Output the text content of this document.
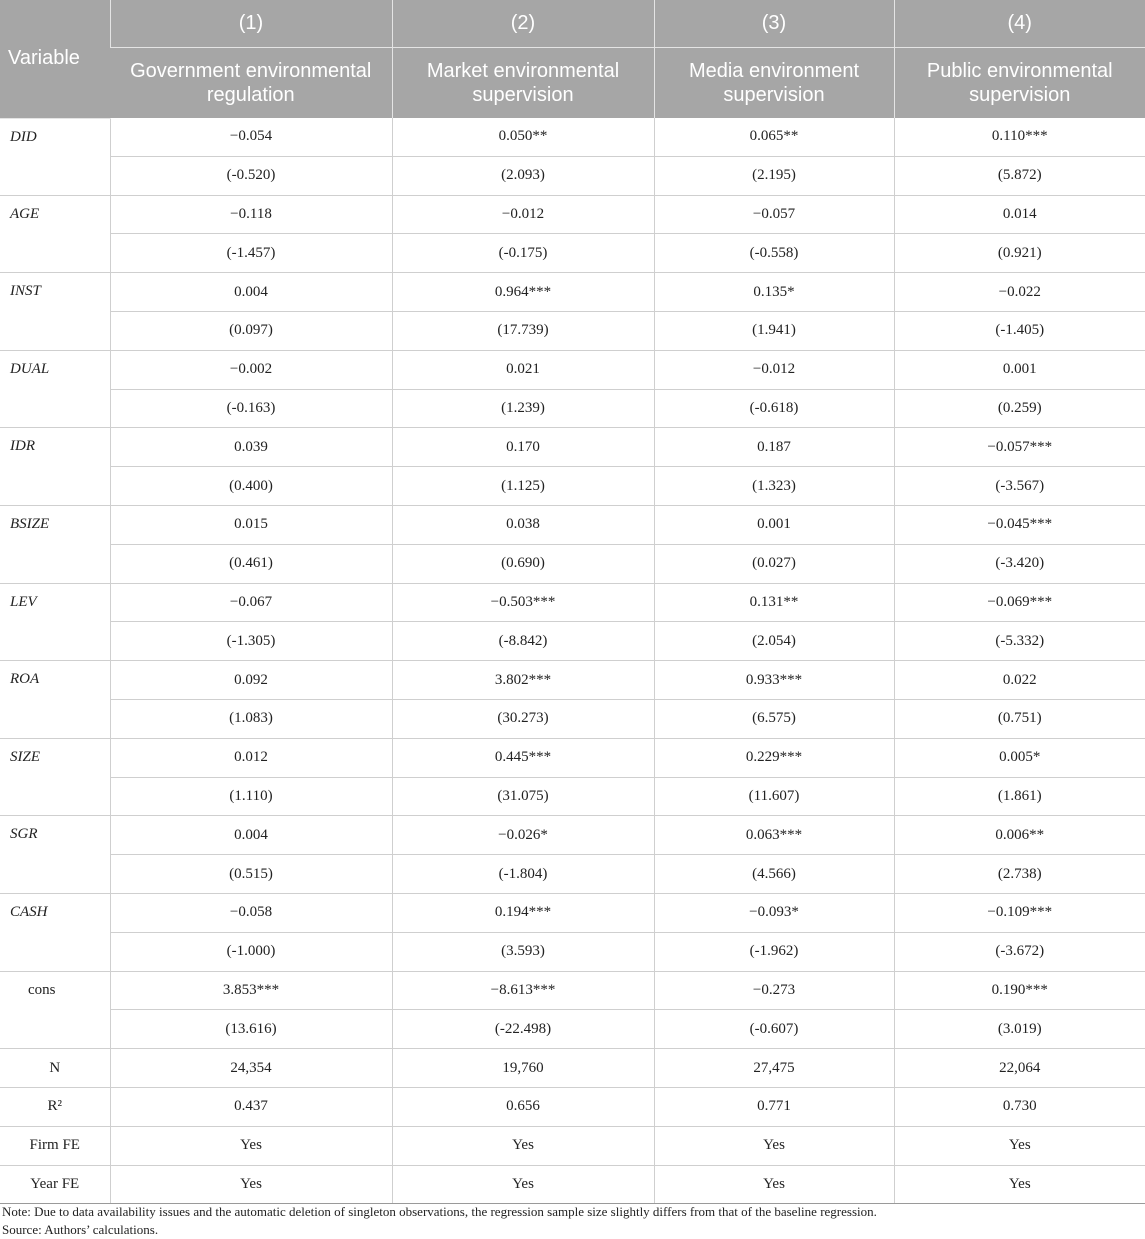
Variable	(1)	(2)	(3)	(4)
	Government environmental regulation	Market environmental supervision	Media environment supervision	Public environmental supervision
DID	−0.054	0.050**	0.065**	0.110***
	(-0.520)	(2.093)	(2.195)	(5.872)
AGE	−0.118	−0.012	−0.057	0.014
	(-1.457)	(-0.175)	(-0.558)	(0.921)
INST	0.004	0.964***	0.135*	−0.022
	(0.097)	(17.739)	(1.941)	(-1.405)
DUAL	−0.002	0.021	−0.012	0.001
	(-0.163)	(1.239)	(-0.618)	(0.259)
IDR	0.039	0.170	0.187	−0.057***
	(0.400)	(1.125)	(1.323)	(-3.567)
BSIZE	0.015	0.038	0.001	−0.045***
	(0.461)	(0.690)	(0.027)	(-3.420)
LEV	−0.067	−0.503***	0.131**	−0.069***
	(-1.305)	(-8.842)	(2.054)	(-5.332)
ROA	0.092	3.802***	0.933***	0.022
	(1.083)	(30.273)	(6.575)	(0.751)
SIZE	0.012	0.445***	0.229***	0.005*
	(1.110)	(31.075)	(11.607)	(1.861)
SGR	0.004	−0.026*	0.063***	0.006**
	(0.515)	(-1.804)	(4.566)	(2.738)
CASH	−0.058	0.194***	−0.093*	−0.109***
	(-1.000)	(3.593)	(-1.962)	(-3.672)
cons	3.853***	−8.613***	−0.273	0.190***
	(13.616)	(-22.498)	(-0.607)	(3.019)
N	24,354	19,760	27,475	22,064
R²	0.437	0.656	0.771	0.730
Firm FE	Yes	Yes	Yes	Yes
Year FE	Yes	Yes	Yes	Yes
Note: Due to data availability issues and the automatic deletion of singleton observations, the regression sample size slightly differs from that of the baseline regression.
Source: Authors’ calculations.
